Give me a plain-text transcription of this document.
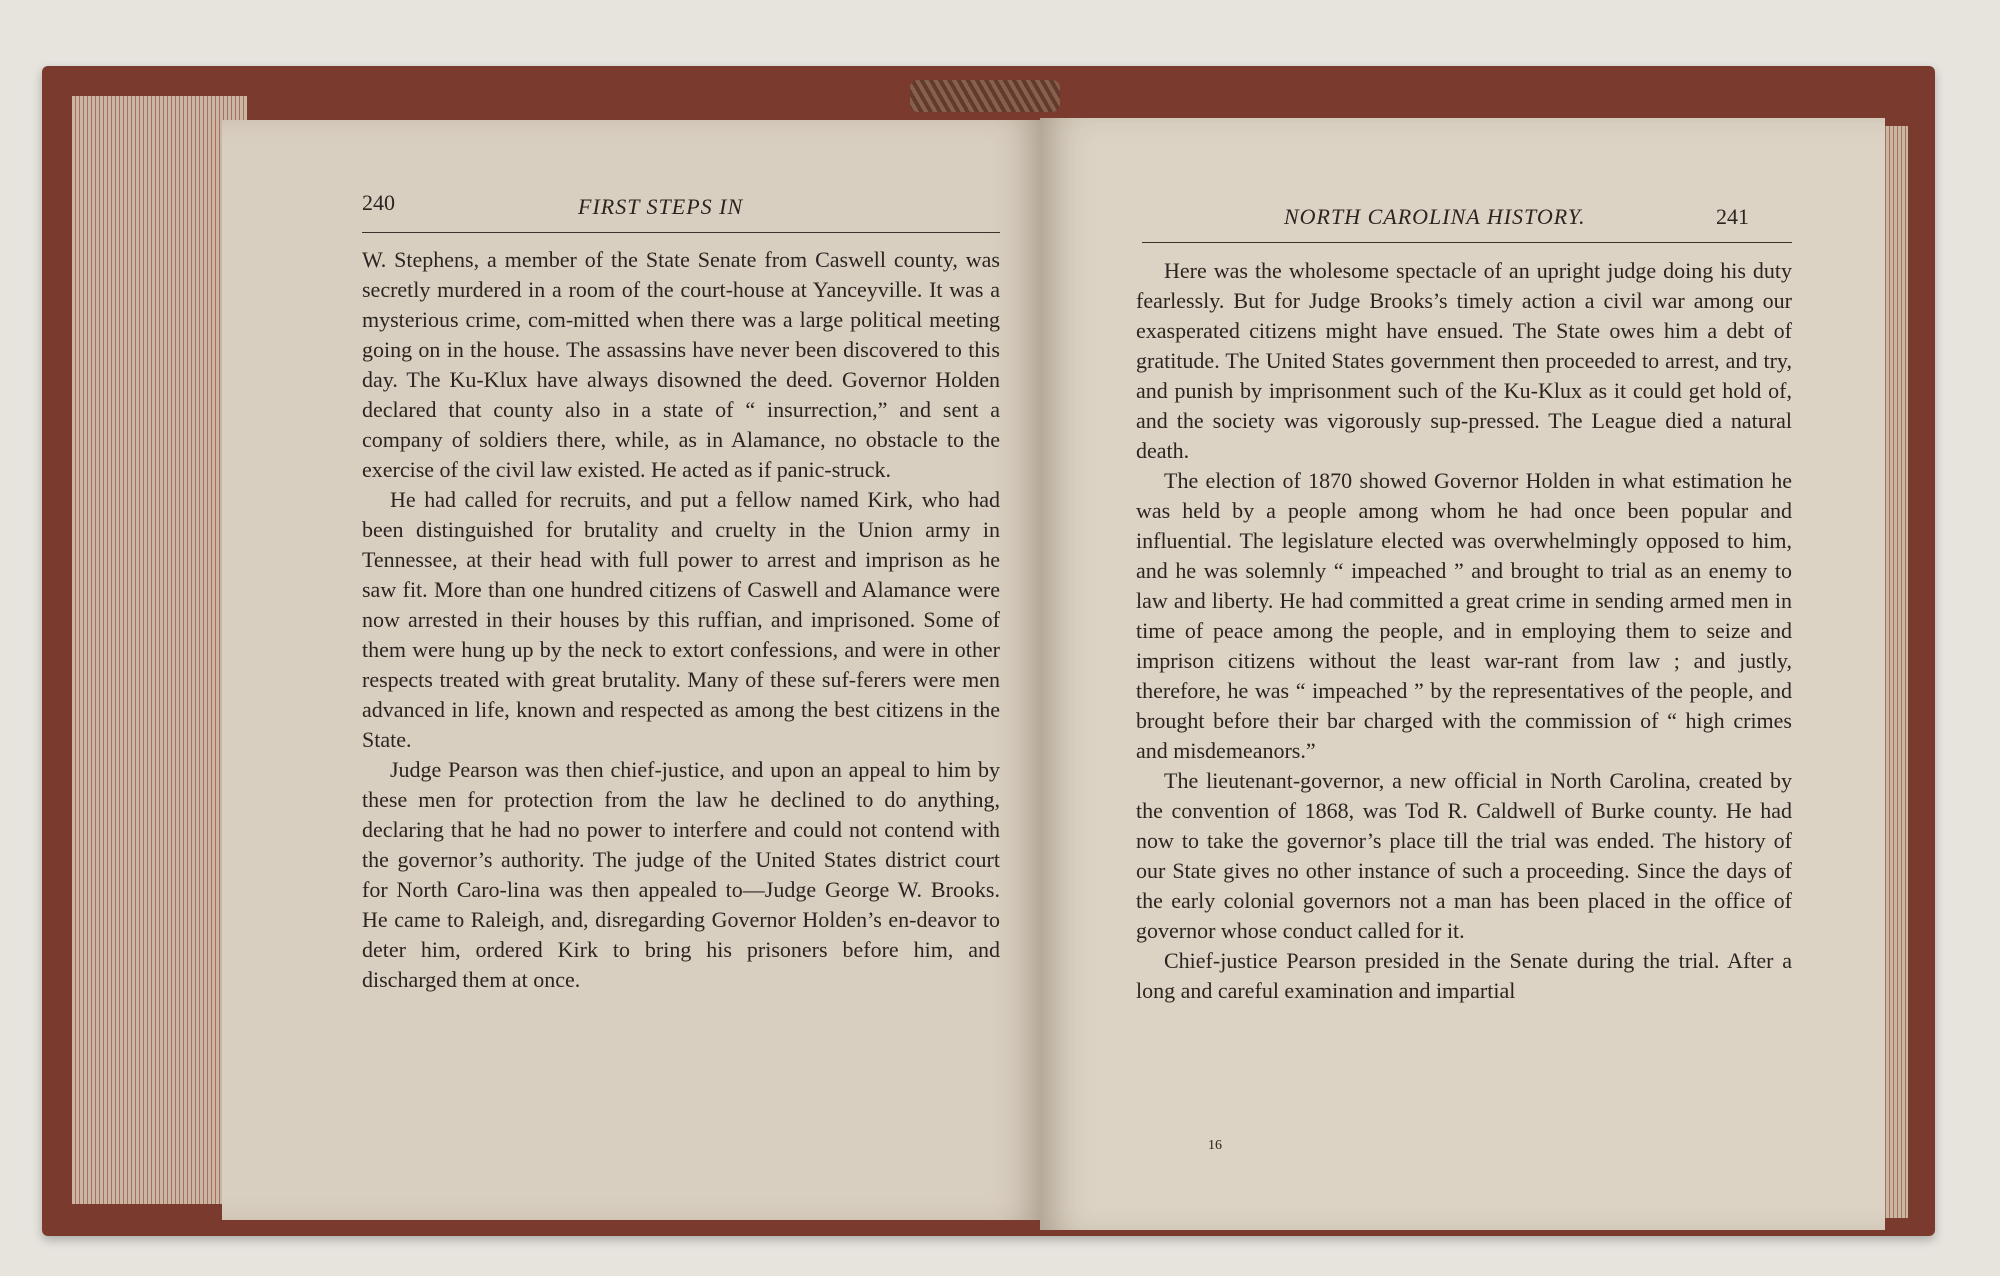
240	FIRST STEPS IN

W. Stephens, a member of the State Senate from Caswell county, was secretly murdered in a room of the court-house at Yanceyville. It was a mysterious crime, com-mitted when there was a large political meeting going on in the house. The assassins have never been discovered to this day. The Ku-Klux have always disowned the deed. Governor Holden declared that county also in a state of “ insurrection,” and sent a company of soldiers there, while, as in Alamance, no obstacle to the exercise of the civil law existed. He acted as if panic-struck.

He had called for recruits, and put a fellow named Kirk, who had been distinguished for brutality and cruelty in the Union army in Tennessee, at their head with full power to arrest and imprison as he saw fit. More than one hundred citizens of Caswell and Alamance were now arrested in their houses by this ruffian, and imprisoned. Some of them were hung up by the neck to extort confessions, and were in other respects treated with great brutality. Many of these suf-ferers were men advanced in life, known and respected as among the best citizens in the State.

Judge Pearson was then chief-justice, and upon an appeal to him by these men for protection from the law he declined to do anything, declaring that he had no power to interfere and could not contend with the governor’s authority. The judge of the United States district court for North Caro-lina was then appealed to—Judge George W. Brooks. He came to Raleigh, and, disregarding Governor Holden’s en-deavor to deter him, ordered Kirk to bring his prisoners before him, and discharged them at once.

NORTH CAROLINA HISTORY.	241

Here was the wholesome spectacle of an upright judge doing his duty fearlessly. But for Judge Brooks’s timely action a civil war among our exasperated citizens might have ensued. The State owes him a debt of gratitude. The United States government then proceeded to arrest, and try, and punish by imprisonment such of the Ku-Klux as it could get hold of, and the society was vigorously sup-pressed. The League died a natural death.

The election of 1870 showed Governor Holden in what estimation he was held by a people among whom he had once been popular and influential. The legislature elected was overwhelmingly opposed to him, and he was solemnly “ impeached ” and brought to trial as an enemy to law and liberty. He had committed a great crime in sending armed men in time of peace among the people, and in employing them to seize and imprison citizens without the least war-rant from law ; and justly, therefore, he was “ impeached ” by the representatives of the people, and brought before their bar charged with the commission of “ high crimes and misdemeanors.”

The lieutenant-governor, a new official in North Carolina, created by the convention of 1868, was Tod R. Caldwell of Burke county. He had now to take the governor’s place till the trial was ended. The history of our State gives no other instance of such a proceeding. Since the days of the early colonial governors not a man has been placed in the office of governor whose conduct called for it.

Chief-justice Pearson presided in the Senate during the trial. After a long and careful examination and impartial

16
